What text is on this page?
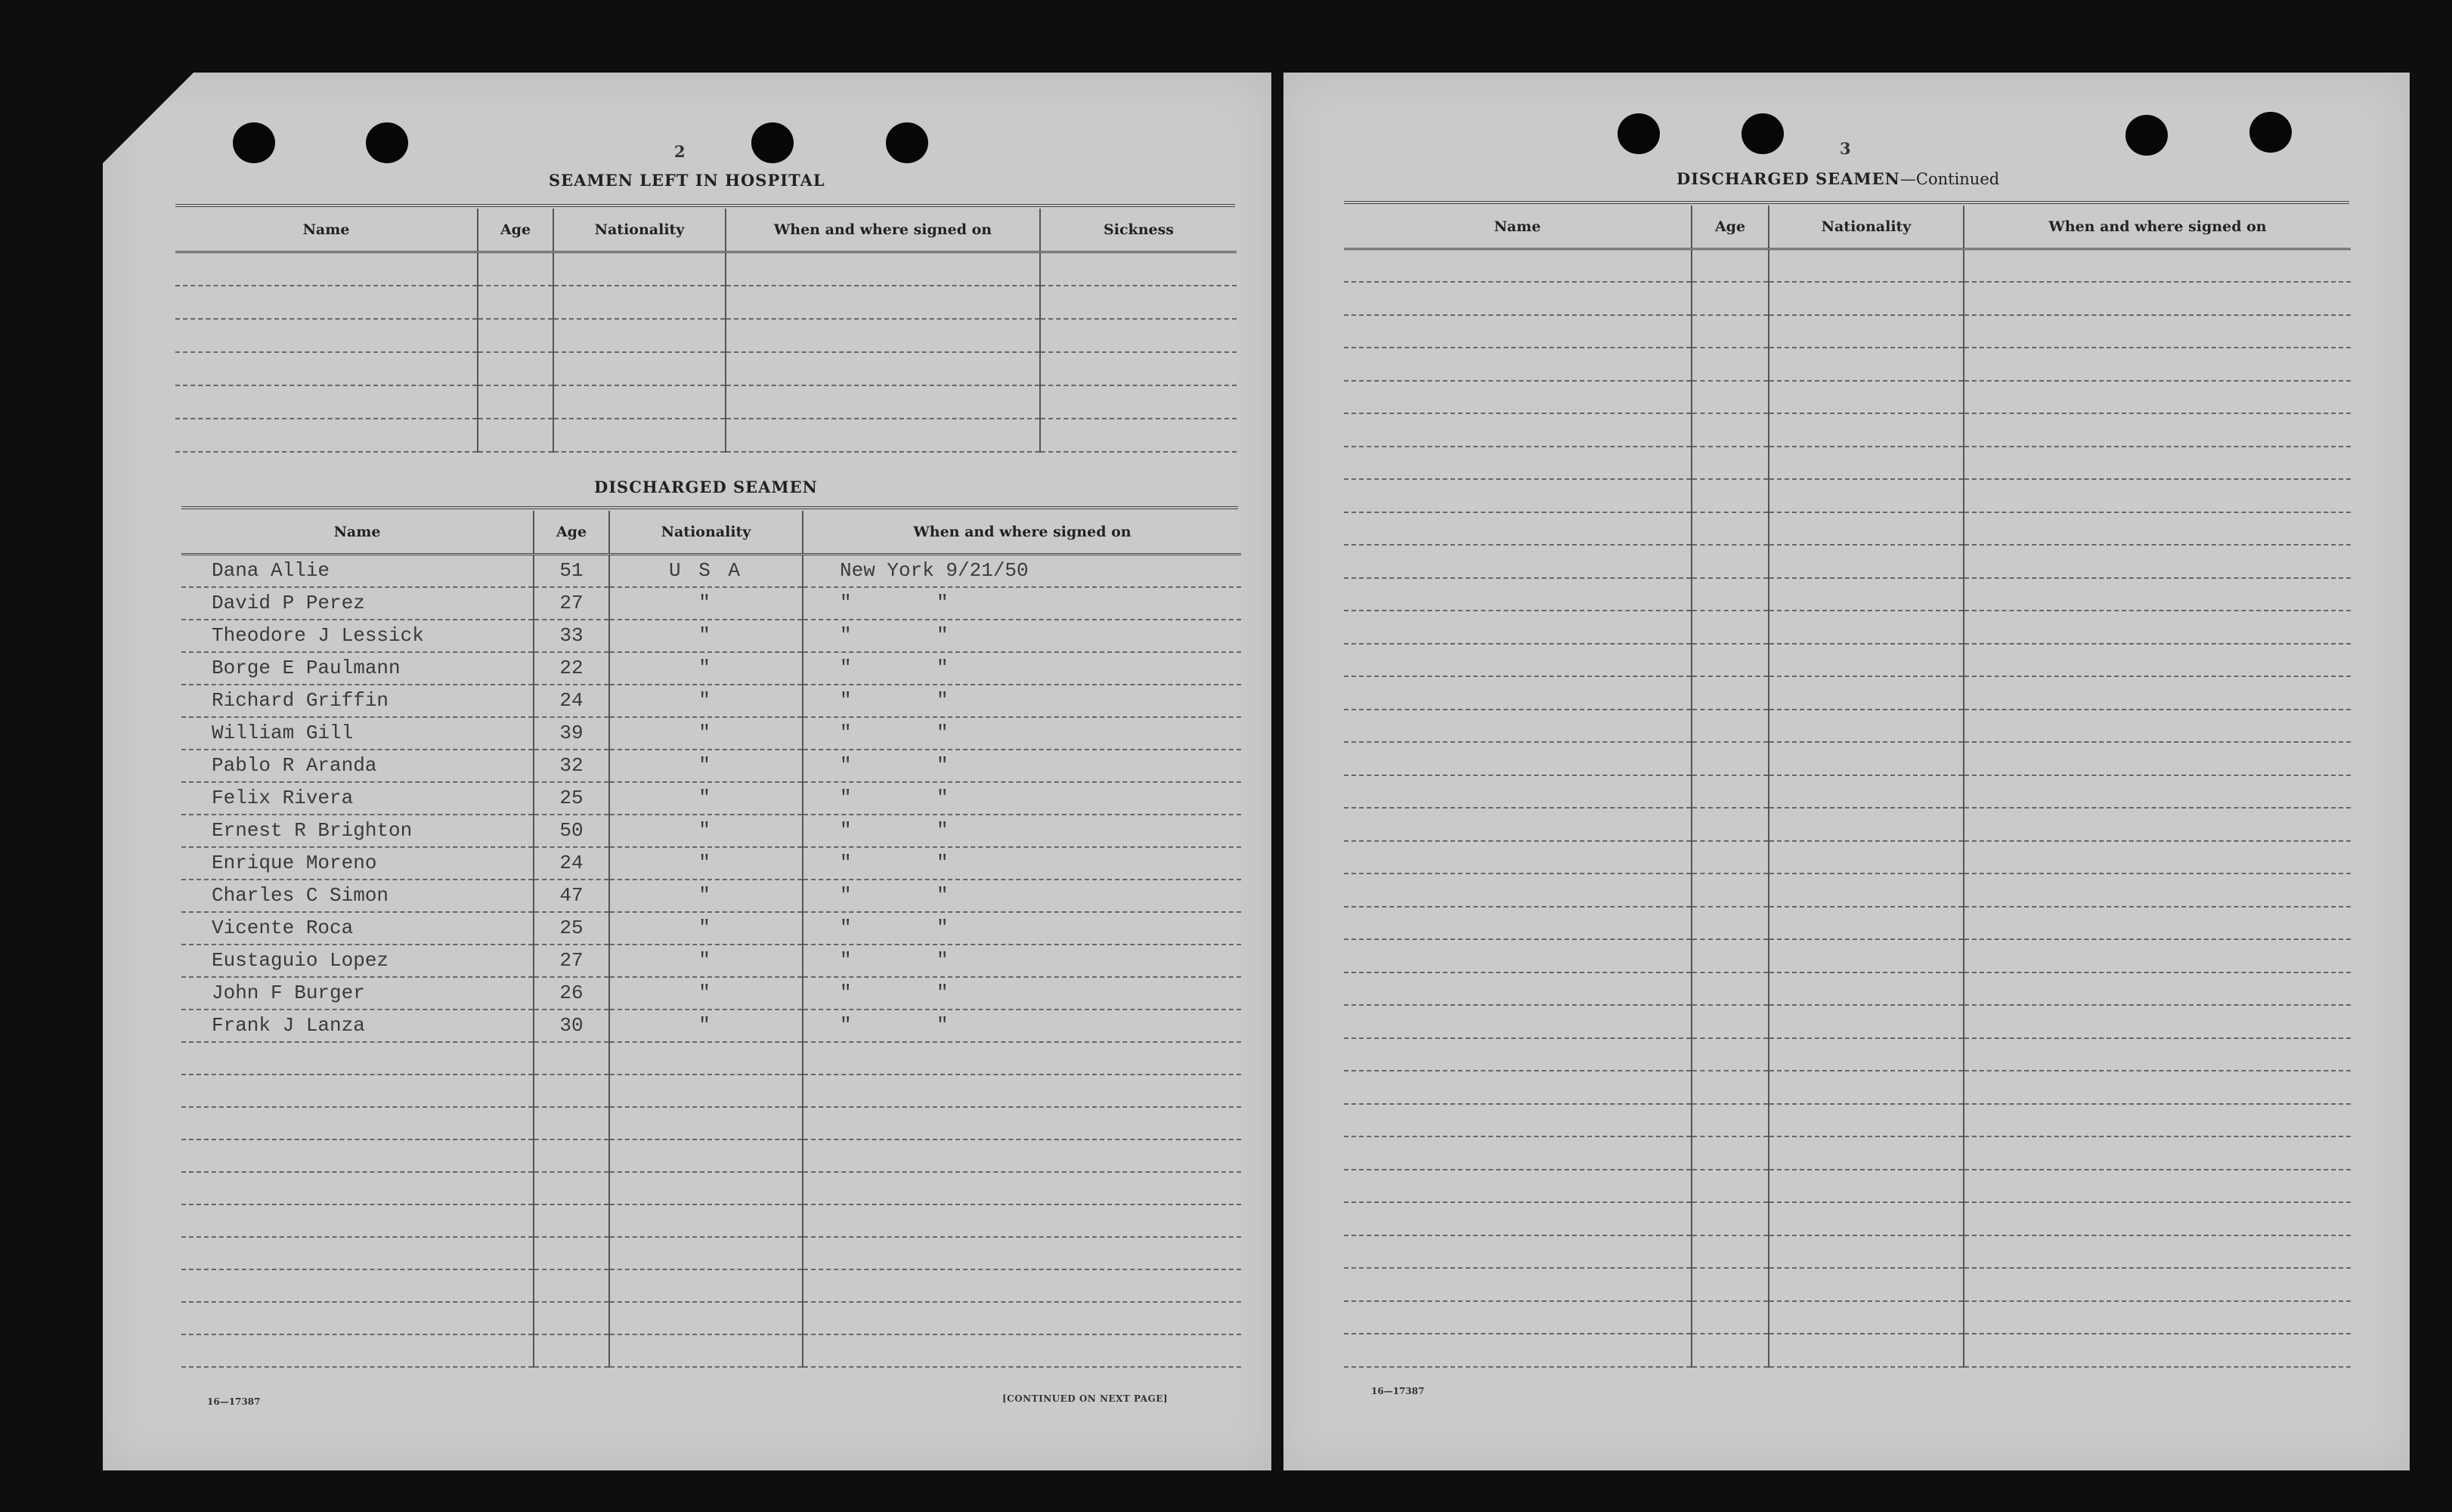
2
SEAMEN LEFT IN HOSPITAL
Name	Age	Nationality	When and where signed on	Sickness

DISCHARGED SEAMEN
Name	Age	Nationality	When and where signed on
Dana Allie	51	U S A	New York 9/21/50
David P Perez	27	"	" "
Theodore J Lessick	33	"	" "
Borge E Paulmann	22	"	" "
Richard Griffin	24	"	" "
William Gill	39	"	" "
Pablo R Aranda	32	"	" "
Felix Rivera	25	"	" "
Ernest R Brighton	50	"	" "
Enrique Moreno	24	"	" "
Charles C Simon	47	"	" "
Vicente Roca	25	"	" "
Eustaguio Lopez	27	"	" "
John F Burger	26	"	" "
Frank J Lanza	30	"	" "

16—17387	[CONTINUED ON NEXT PAGE]
3
DISCHARGED SEAMEN—Continued
Name	Age	Nationality	When and where signed on

16—17387
